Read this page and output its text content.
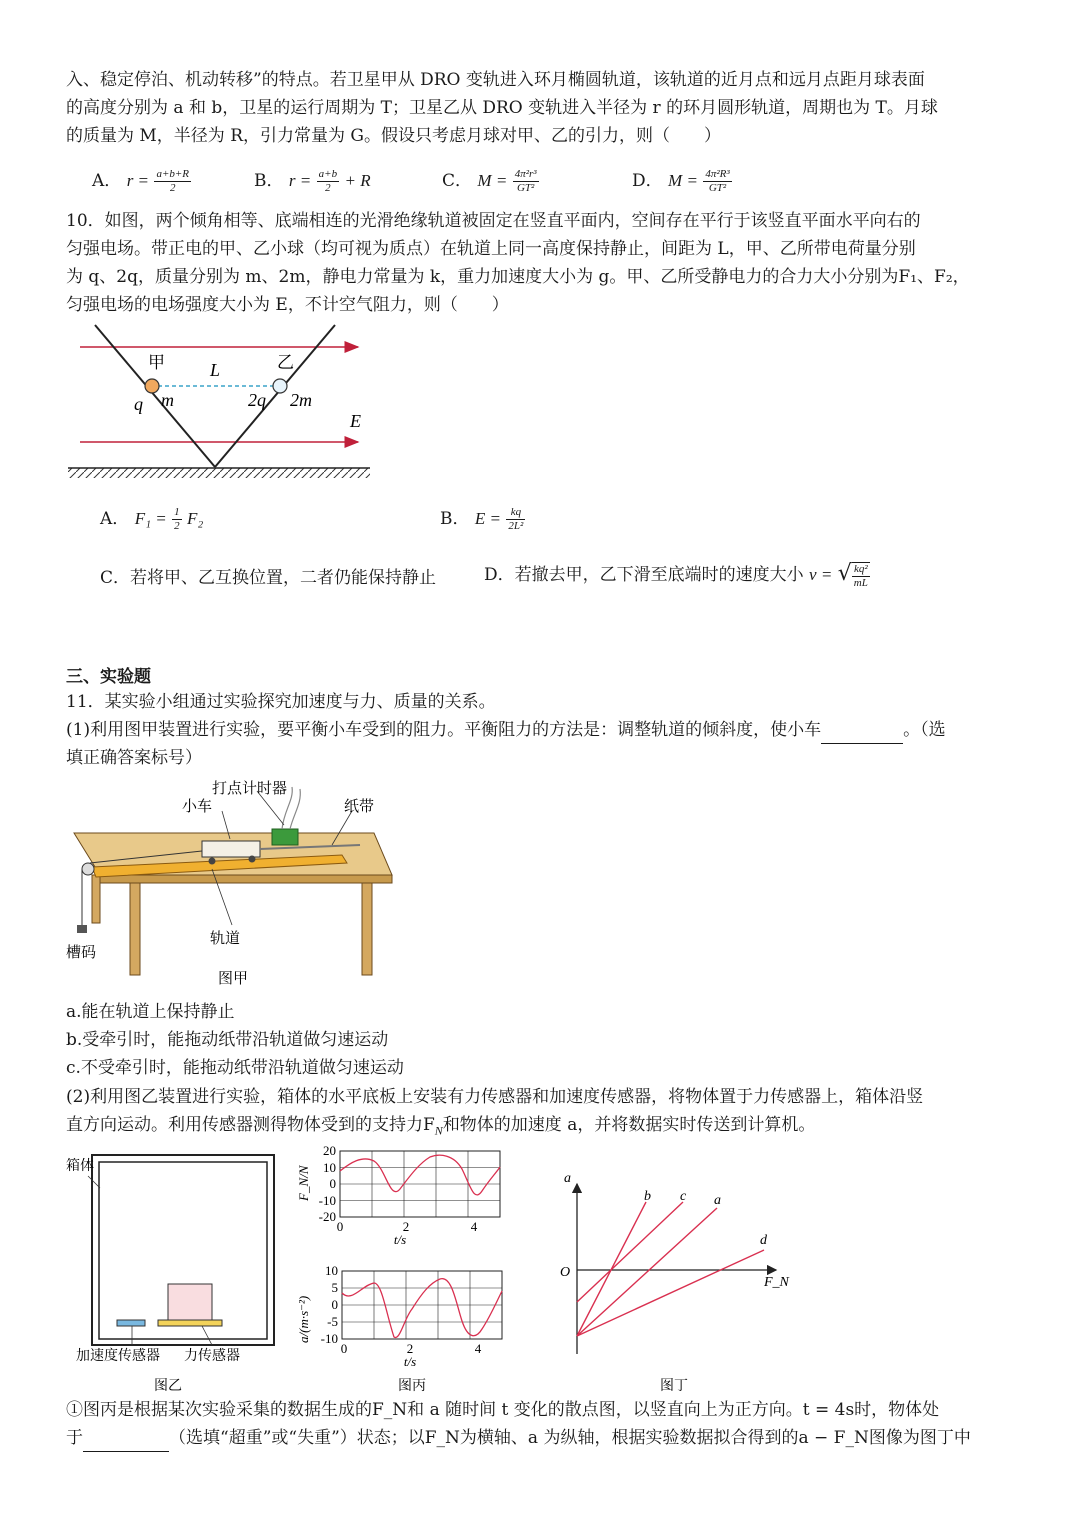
入、稳定停泊、机动转移”的特点。若卫星甲从 DRO 变轨进入环月椭圆轨道，该轨道的近月点和远月点距月球表面
的高度分别为 a 和 b，卫星的运行周期为 T；卫星乙从 DRO 变轨进入半径为 r 的环月圆形轨道，周期也为 T。月球
的质量为 M，半径为 R，引力常量为 G。假设只考虑月球对甲、乙的引力，则（　　）
A． $r = \frac{a+b+R}{2}$	B． $r = \frac{a+b}{2} + R$	C． $M = \frac{\text{4π²r³}}{\text{GT²}}$	D． $M = \frac{\text{4π²R³}}{\text{GT²}}$
10．如图，两个倾角相等、底端相连的光滑绝缘轨道被固定在竖直平面内，空间存在平行于该竖直平面水平向右的
匀强电场。带正电的甲、乙小球（均可视为质点）在轨道上同一高度保持静止，间距为 L，甲、乙所带电荷量分别
为 q、2q，质量分别为 m、2m，静电力常量为 k，重力加速度大小为 g。甲、乙所受静电力的合力大小分别为F₁、F₂，
匀强电场的电场强度大小为 E，不计空气阻力，则（　　）
甲	乙
L
q m	2q 2m
E
A． $F_1 = \frac{1}{2} F_2$	B． $E = \frac{kq}{\text{2L²}}$
C．若将甲、乙互换位置，二者仍能保持静止	D．若撤去甲，乙下滑至底端时的速度大小 v = √ $\frac{\text{kq²}}{mL}$
三、实验题
11．某实验小组通过实验探究加速度与力、质量的关系。
(1)利用图甲装置进行实验，要平衡小车受到的阻力。平衡阻力的方法是：调整轨道的倾斜度，使小车	。（选
填正确答案标号）
打点计时器
小车	纸带
轨道
槽码
图甲
a.能在轨道上保持静止
b.受牵引时，能拖动纸带沿轨道做匀速运动
c.不受牵引时，能拖动纸带沿轨道做匀速运动
(2)利用图乙装置进行实验，箱体的水平底板上安装有力传感器和加速度传感器，将物体置于力传感器上，箱体沿竖
直方向运动。利用传感器测得物体受到的支持力$F_N$和物体的加速度 a，并将数据实时传送到计算机。
箱体
加速度传感器 力传感器
图乙
20
10
0
-10
-20
F_N/N
0	2	4
t/s
10
5
0
-5
-10
a/(m·s⁻²)
0	2	4
t/s
图丙
a
F_N
O
b c a
d
图丁
①图丙是根据某次实验采集的数据生成的F_N和 a 随时间 t 变化的散点图，以竖直向上为正方向。t = 4s时，物体处
于	（选填“超重”或“失重”）状态；以F_N为横轴、a 为纵轴，根据实验数据拟合得到的a − F_N图像为图丁中
